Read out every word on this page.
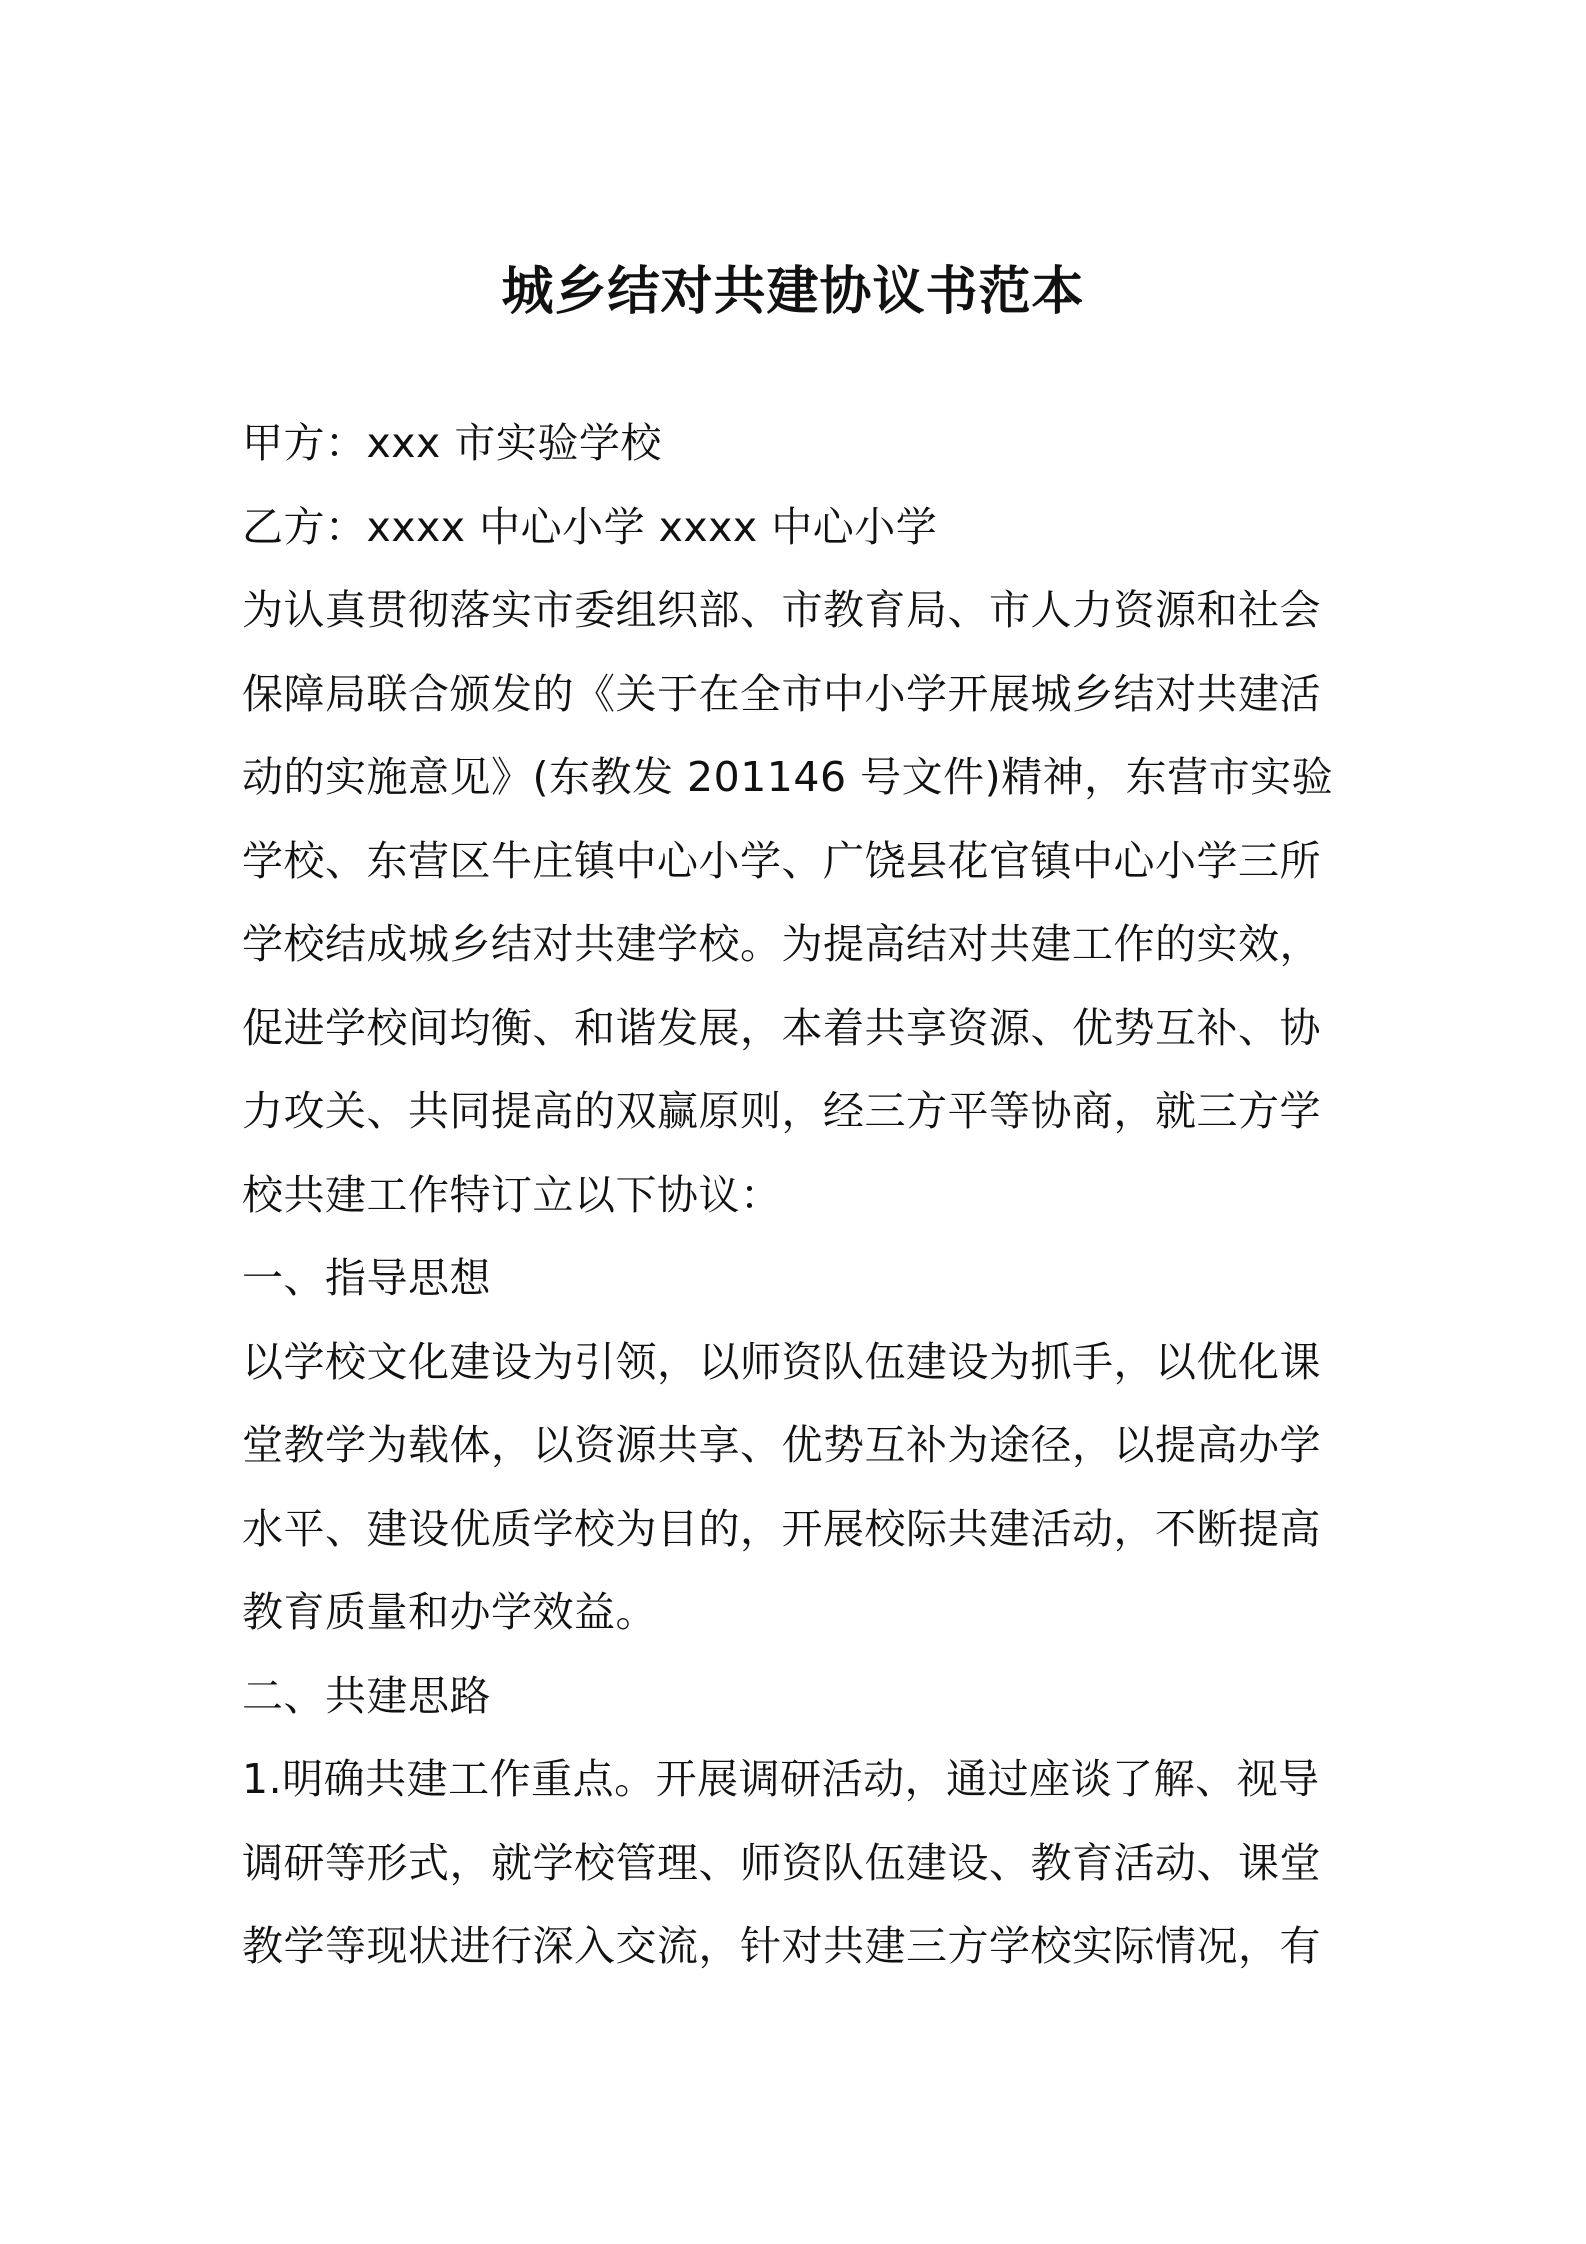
城乡结对共建协议书范本

甲方：xxx 市实验学校

乙方：xxxx 中心小学 xxxx 中心小学

为认真贯彻落实市委组织部、市教育局、市人力资源和社会

保障局联合颁发的《关于在全市中小学开展城乡结对共建活

动的实施意见》(东教发 201146 号文件)精神，东营市实验

学校、东营区牛庄镇中心小学、广饶县花官镇中心小学三所

学校结成城乡结对共建学校。为提高结对共建工作的实效，

促进学校间均衡、和谐发展，本着共享资源、优势互补、协

力攻关、共同提高的双赢原则，经三方平等协商，就三方学

校共建工作特订立以下协议：

一、指导思想

以学校文化建设为引领，以师资队伍建设为抓手，以优化课

堂教学为载体，以资源共享、优势互补为途径，以提高办学

水平、建设优质学校为目的，开展校际共建活动，不断提高

教育质量和办学效益。

二、共建思路

1.明确共建工作重点。开展调研活动，通过座谈了解、视导

调研等形式，就学校管理、师资队伍建设、教育活动、课堂

教学等现状进行深入交流，针对共建三方学校实际情况，有
